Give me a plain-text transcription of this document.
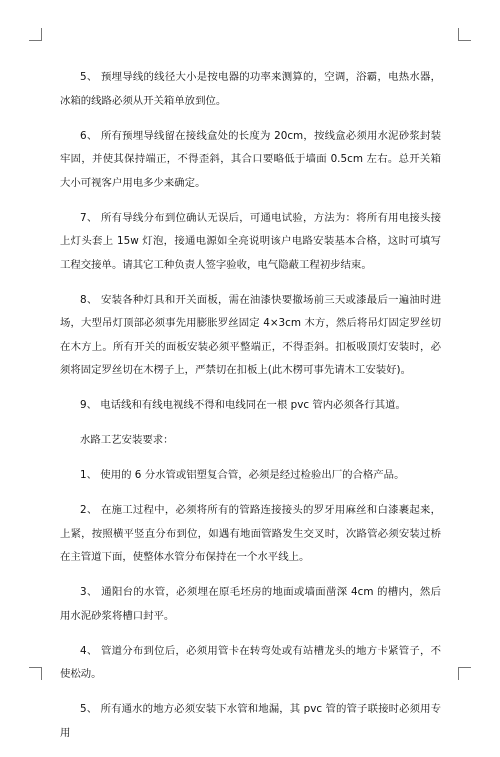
5、 预埋导线的线径大小是按电器的功率来测算的，空调，浴霸，电热水器，冰箱的线路必须从开关箱单放到位。

6、 所有预埋导线留在接线盒处的长度为 20cm，按线盒必须用水泥砂浆封装牢固，并使其保持端正，不得歪斜，其合口要略低于墙面 0.5cm 左右。总开关箱大小可视客户用电多少来确定。

7、 所有导线分布到位确认无误后，可通电试验，方法为：将所有用电接头接上灯头套上 15w 灯泡，接通电源如全亮说明该户电路安装基本合格，这时可填写工程交接单。请其它工种负责人签字验收，电气隐蔽工程初步结束。

8、 安装各种灯具和开关面板，需在油漆快要撤场前三天或漆最后一遍油时进场，大型吊灯顶部必须事先用膨胀罗丝固定 4×3cm 木方，然后将吊灯固定罗丝切在木方上。所有开关的面板安装必须平整端正，不得歪斜。扣板吸顶灯安装时，必须将固定罗丝切在木楞子上，严禁切在扣板上(此木楞可事先请木工安装好)。

9、 电话线和有线电视线不得和电线同在一根 pvc 管内必须各行其道。

水路工艺安装要求：

1、 使用的 6 分水管或铝塑复合管，必须是经过检验出厂的合格产品。

2、 在施工过程中，必须将所有的管路连接接头的罗牙用麻丝和白漆裹起来，上紧，按照横平竖直分布到位，如遇有地面管路发生交叉时，次路管必须安装过桥在主管道下面，使整体水管分布保持在一个水平线上。

3、 通阳台的水管，必须埋在原毛坯房的地面或墙面凿深 4cm 的槽内，然后用水泥砂浆将槽口封平。

4、 管道分布到位后，必须用管卡在转弯处或有站槽龙头的地方卡紧管子，不使松动。

5、 所有通水的地方必须安装下水管和地漏，其 pvc 管的管子联接时必须用专用
